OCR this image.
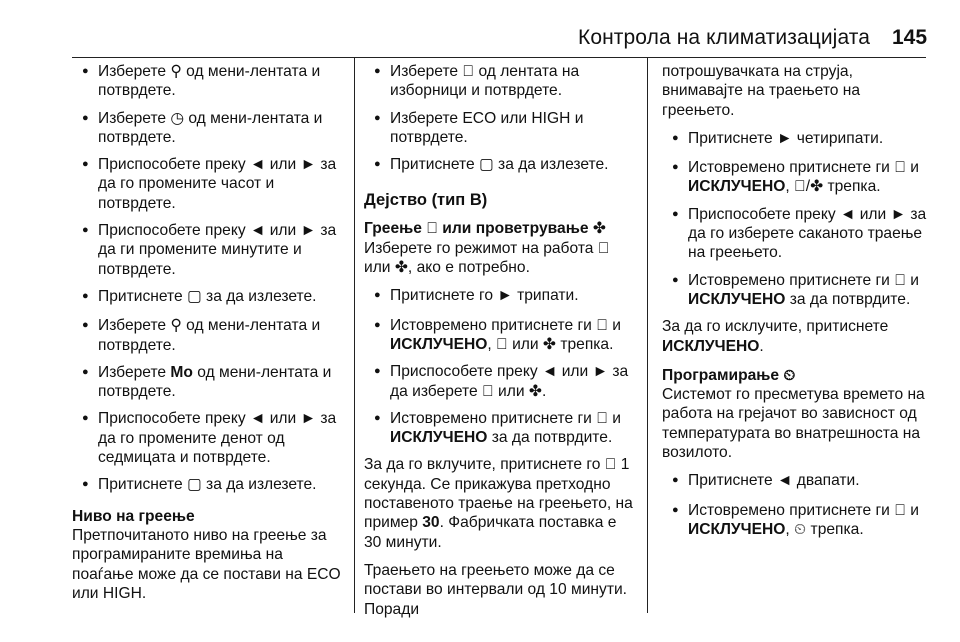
Контрола на климатизацијата 145
●
Изберете ⚲ од мени-лентата и потврдете.
●
Изберете ◷ од мени-лентата и потврдете.
●
Приспособете преку ◄ или ► за да го промените часот и потврдете.
●
Приспособете преку ◄ или ► за да ги промените минутите и потврдете.
●
Притиснете ▢ за да излезете.
●
Изберете ⚲ од мени-лентата и потврдете.
●
Изберете Mo од мени-лентата и потврдете.
●
Приспособете преку ◄ или ► за да го промените денот од седмицата и потврдете.
●
Притиснете ▢ за да излезете.
Ниво на греење

Претпочитаното ниво на греење за програмираните времиња на поаѓање може да се постави на ECO или HIGH.

●
Изберете ᪲ од лентата на изборници и потврдете.
●
Изберете ECO или HIGH и потврдете.
●
Притиснете ▢ за да излезете.
Дејство (тип B)
Греење ᪲ или проветрување ✤

Изберете го режимот на работа ᪲ или ✤, ако е потребно.

●
Притиснете го ► трипати.
●
Истовремено притиснете ги ᪲ и ИСКЛУЧЕНО, ᪲ или ✤ трепка.
●
Приспособете преку ◄ или ► за да изберете ᪲ или ✤.
●
Истовремено притиснете ги ᪲ и ИСКЛУЧЕНО за да потврдите.

За да го вклучите, притиснете го ᪲ 1 секунда. Се прикажува претходно поставеното траење на греењето, на пример 30. Фабричката поставка е 30 минути.

Траењето на греењето може да се постави во интервали од 10 минути. Поради

потрошувачката на струја, внимавајте на траењето на греењето.

●
Притиснете ► четирипати.
●
Истовремено притиснете ги ᪲ и ИСКЛУЧЕНО, ᪲/✤ трепка.
●
Приспособете преку ◄ или ► за да го изберете саканото траење на греењето.
●
Истовремено притиснете ги ᪲ и ИСКЛУЧЕНО за да потврдите.

За да го исклучите, притиснете ИСКЛУЧЕНО.

Програмирање ⏲

Системот го пресметува времето на работа на грејачот во зависност од температурата во внатрешноста на возилото.

●
Притиснете ◄ двапати.
●
Истовремено притиснете ги ᪲ и ИСКЛУЧЕНО, ⏲ трепка.
